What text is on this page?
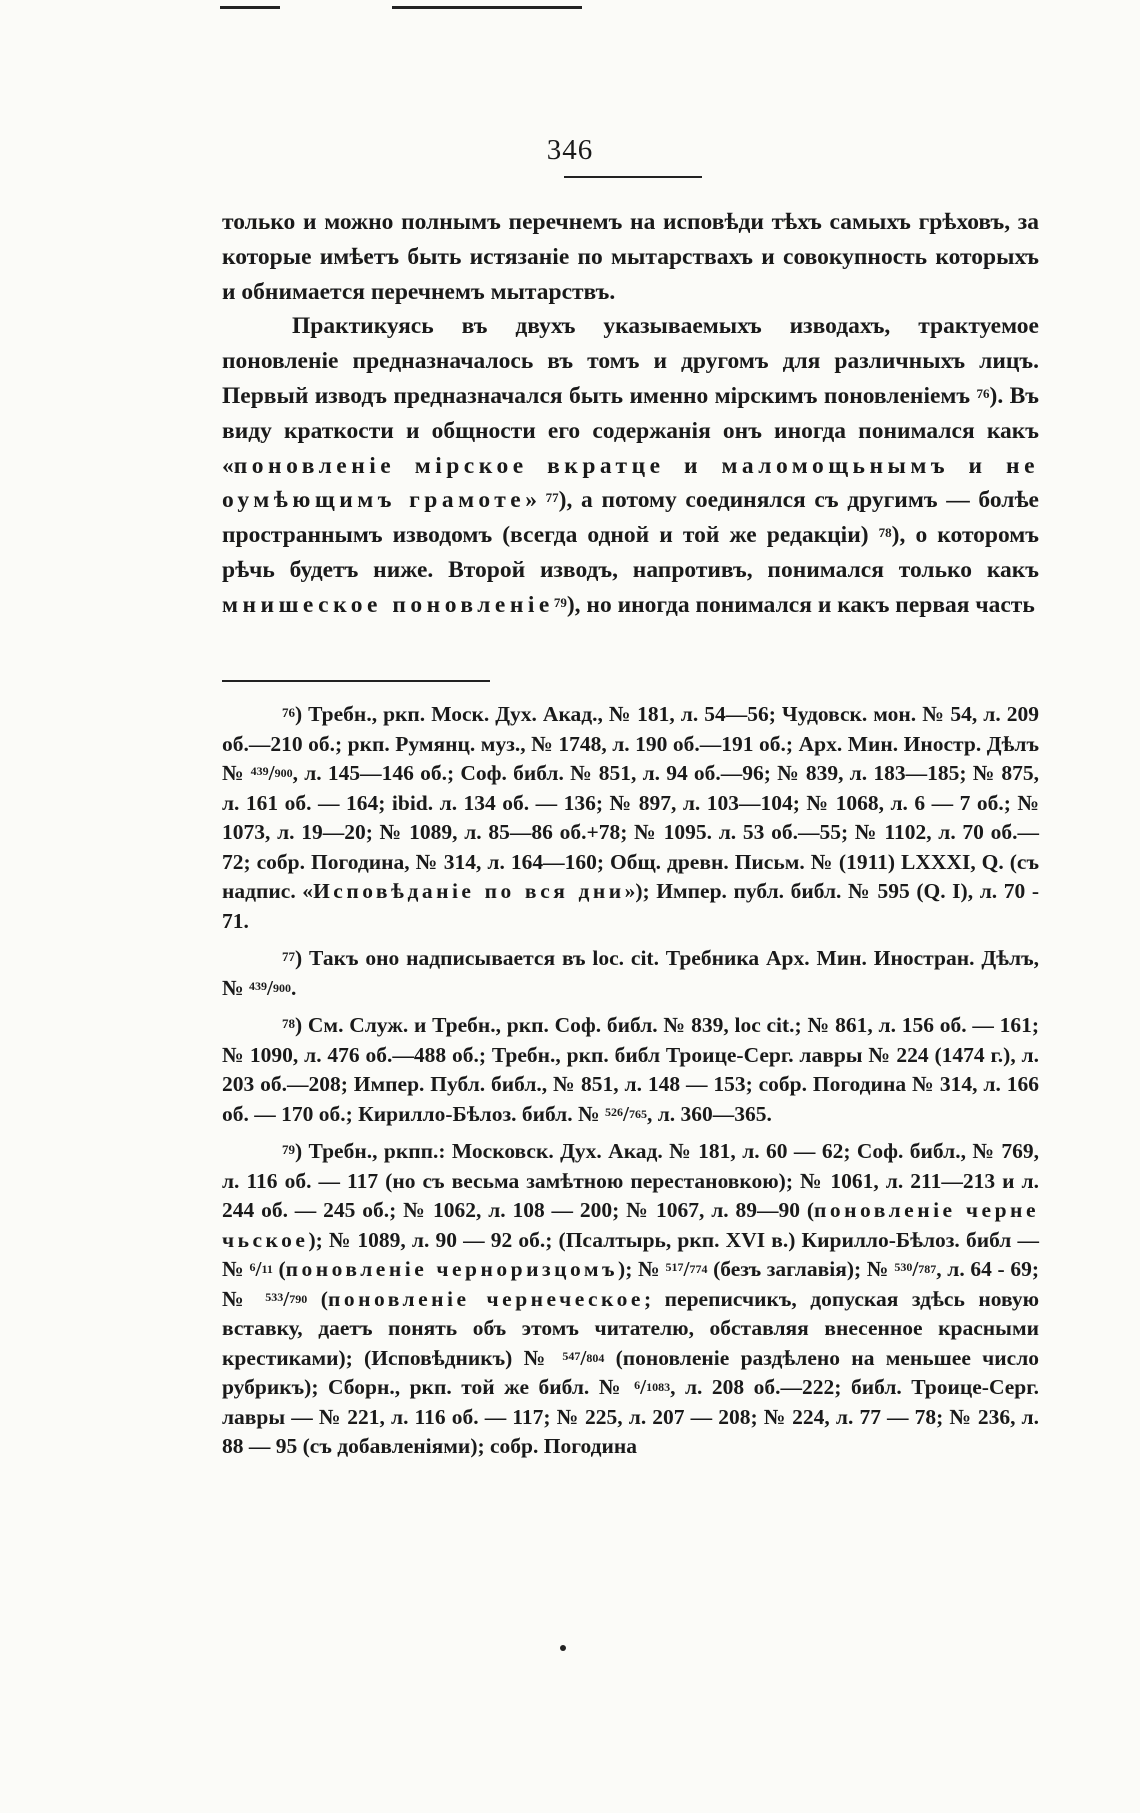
346

только и можно полнымъ перечнемъ на исповѣди тѣхъ самыхъ грѣховъ, за которые имѣетъ быть истязаніе по мытарствахъ и совокупность которыхъ и обнимается перечнемъ мытарствъ.

Практикуясь въ двухъ указываемыхъ изводахъ, трактуемое поновленіе предназначалось въ томъ и другомъ для различныхъ лицъ. Первый изводъ предназначался быть именно мірскимъ поновленіемъ $^{76}$). Въ виду краткости и общности его содержанія онъ иногда понимался какъ «поновленіе мірское вкратце и маломощьнымъ и не оумѣющимъ грамоте» $^{77}$), а потому соединялся съ другимъ — болѣе пространнымъ изводомъ (всегда одной и той же редакціи) $^{78}$), о которомъ рѣчь будетъ ниже. Второй изводъ, напротивъ, понимался только какъ мнишеское поновленіе$^{79}$), но иногда понимался и какъ первая часть

$^{76}$) Требн., ркп. Моск. Дух. Акад., № 181, л. 54—56; Чудовск. мон. № 54, л. 209 об.—210 об.; ркп. Румянц. муз., № 1748, л. 190 об.—191 об.; Арх. Мин. Иностр. Дѣлъ № $^{439}$/900, л. 145—146 об.; Соф. библ. № 851, л. 94 об.—96; № 839, л. 183—185; № 875, л. 161 об. — 164; ibid. л. 134 об. — 136; № 897, л. 103—104; № 1068, л. 6 — 7 об.; № 1073, л. 19—20; № 1089, л. 85—86 об.+78; № 1095. л. 53 об.—55; № 1102, л. 70 об.—72; собр. Погодина, № 314, л. 164—160; Общ. древн. Письм. № (1911) LXXXI, Q. (съ надпис. «Исповѣданіе по вся дни»); Импер. публ. библ. № 595 (Q. I), л. 70 - 71.

$^{77}$) Такъ оно надписывается въ loc. cit. Требника Арх. Мин. Иностран. Дѣлъ, № $^{439}$/900.

$^{78}$) См. Служ. и Требн., ркп. Соф. библ. № 839, loc cit.; № 861, л. 156 об. — 161; № 1090, л. 476 об.—488 об.; Требн., ркп. библ Троице-Серг. лавры № 224 (1474 г.), л. 203 об.—208; Импер. Публ. библ., № 851, л. 148 — 153; собр. Погодина № 314, л. 166 об. — 170 об.; Кирилло-Бѣлоз. библ. № $^{526}$/765, л. 360—365.

$^{79}$) Требн., ркпп.: Московск. Дух. Акад. № 181, л. 60 — 62; Соф. библ., № 769, л. 116 об. — 117 (но съ весьма замѣтною перестановкою); № 1061, л. 211—213 и л. 244 об. — 245 об.; № 1062, л. 108 — 200; № 1067, л. 89—90 (поновленіе черне чьское); № 1089, л. 90 — 92 об.; (Псалтырь, ркп. XVI в.) Кирилло-Бѣлоз. библ — № $^6$/11 (поновленіе черноризцомъ); № $^{517}$/774 (безъ заглавія); № $^{530}$/787, л. 64 - 69; № $^{533}$/790 (поновленіе чернеческое; переписчикъ, допуская здѣсь новую вставку, даетъ понять объ этомъ читателю, обставляя внесенное красными крестиками); (Исповѣдникъ) № $^{547}$/804 (поновленіе раздѣлено на меньшее число рубрикъ); Сборн., ркп. той же библ. № $^6$/1083, л. 208 об.—222; библ. Троице-Серг. лавры — № 221, л. 116 об. — 117; № 225, л. 207 — 208; № 224, л. 77 — 78; № 236, л. 88 — 95 (съ добавленіями); собр. Погодина
